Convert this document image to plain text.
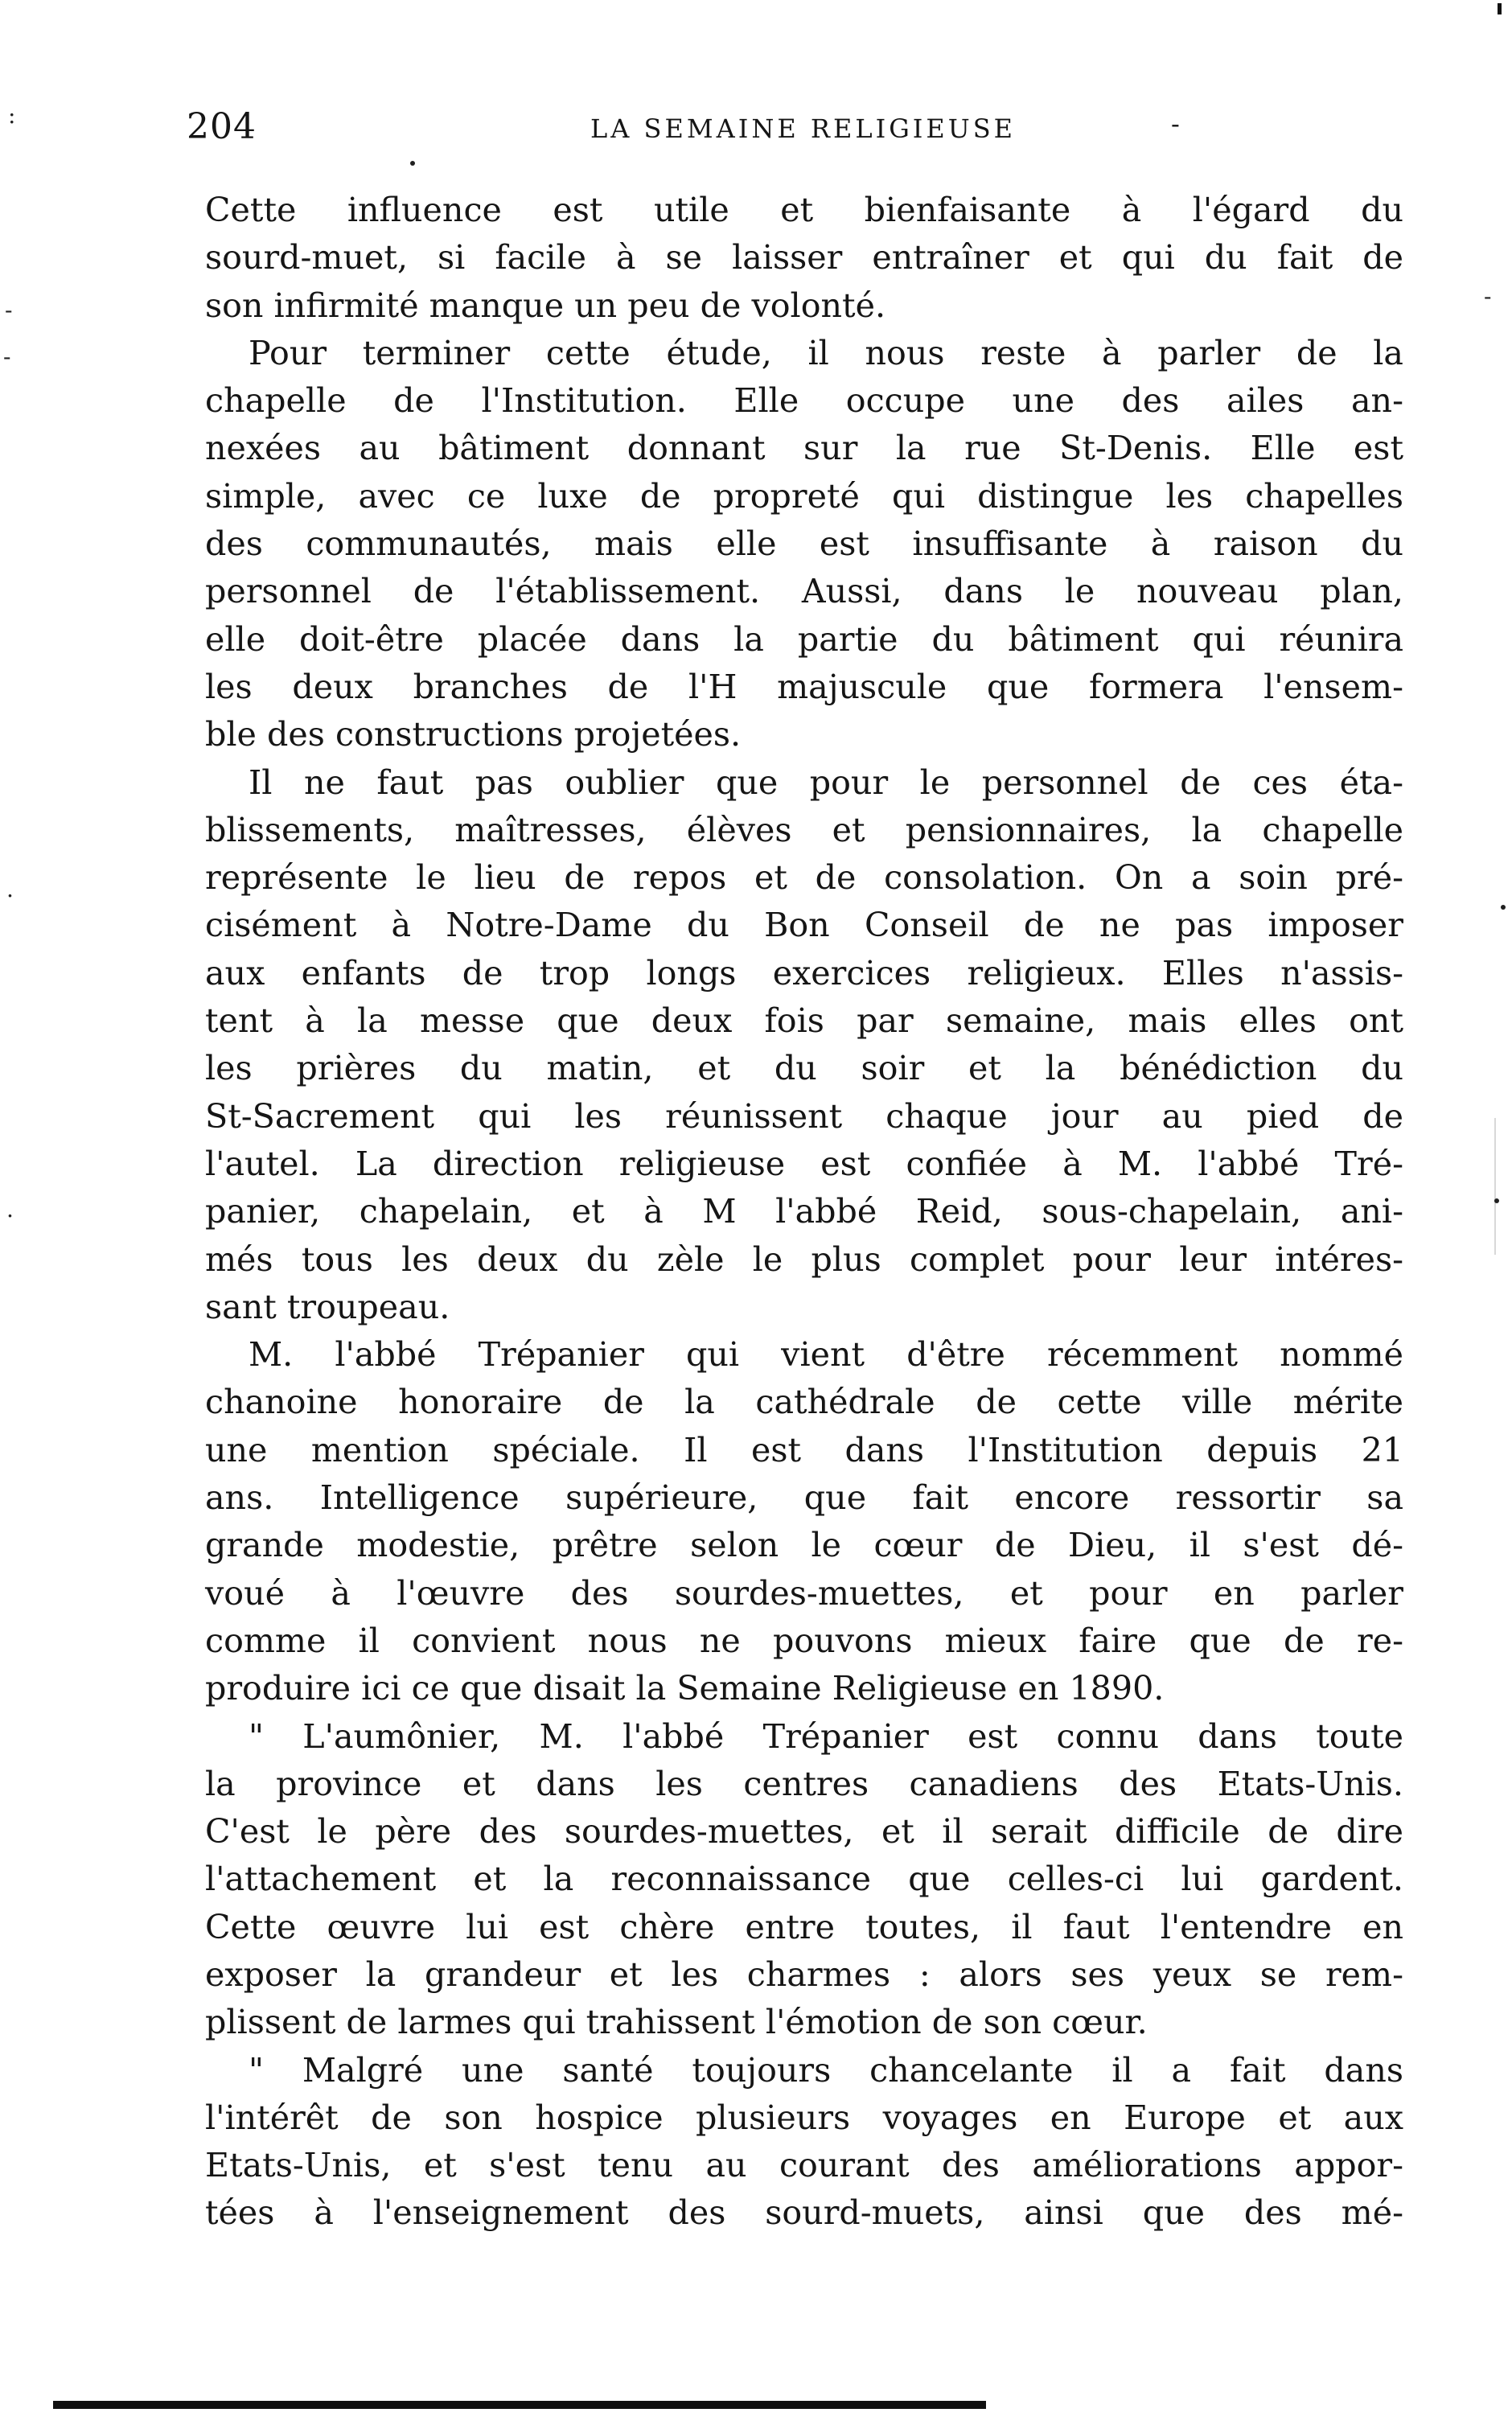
204	LA SEMAINE RELIGIEUSE	-
Cette influence est utile et bienfaisante à l'égard du
sourd-muet, si facile à se laisser entraîner et qui du fait de
son infirmité manque un peu de volonté.
Pour terminer cette étude, il nous reste à parler de la
chapelle de l'Institution. Elle occupe une des ailes an-
nexées au bâtiment donnant sur la rue St-Denis. Elle est
simple, avec ce luxe de propreté qui distingue les chapelles
des communautés, mais elle est insuffisante à raison du
personnel de l'établissement. Aussi, dans le nouveau plan,
elle doit-être placée dans la partie du bâtiment qui réunira
les deux branches de l'H majuscule que formera l'ensem-
ble des constructions projetées.
Il ne faut pas oublier que pour le personnel de ces éta-
blissements, maîtresses, élèves et pensionnaires, la chapelle
représente le lieu de repos et de consolation. On a soin pré-
cisément à Notre-Dame du Bon Conseil de ne pas imposer
aux enfants de trop longs exercices religieux. Elles n'assis-
tent à la messe que deux fois par semaine, mais elles ont
les prières du matin, et du soir et la bénédiction du
St-Sacrement qui les réunissent chaque jour au pied de
l'autel. La direction religieuse est confiée à M. l'abbé Tré-
panier, chapelain, et à M l'abbé Reid, sous-chapelain, ani-
més tous les deux du zèle le plus complet pour leur intéres-
sant troupeau.
M. l'abbé Trépanier qui vient d'être récemment nommé
chanoine honoraire de la cathédrale de cette ville mérite
une mention spéciale. Il est dans l'Institution depuis 21
ans. Intelligence supérieure, que fait encore ressortir sa
grande modestie, prêtre selon le cœur de Dieu, il s'est dé-
voué à l'œuvre des sourdes-muettes, et pour en parler
comme il convient nous ne pouvons mieux faire que de re-
produire ici ce que disait la Semaine Religieuse en 1890.
" L'aumônier, M. l'abbé Trépanier est connu dans toute
la province et dans les centres canadiens des Etats-Unis.
C'est le père des sourdes-muettes, et il serait difficile de dire
l'attachement et la reconnaissance que celles-ci lui gardent.
Cette œuvre lui est chère entre toutes, il faut l'entendre en
exposer la grandeur et les charmes : alors ses yeux se rem-
plissent de larmes qui trahissent l'émotion de son cœur.
" Malgré une santé toujours chancelante il a fait dans
l'intérêt de son hospice plusieurs voyages en Europe et aux
Etats-Unis, et s'est tenu au courant des améliorations appor-
tées à l'enseignement des sourd-muets, ainsi que des mé-
:
-
-
.
.
-
